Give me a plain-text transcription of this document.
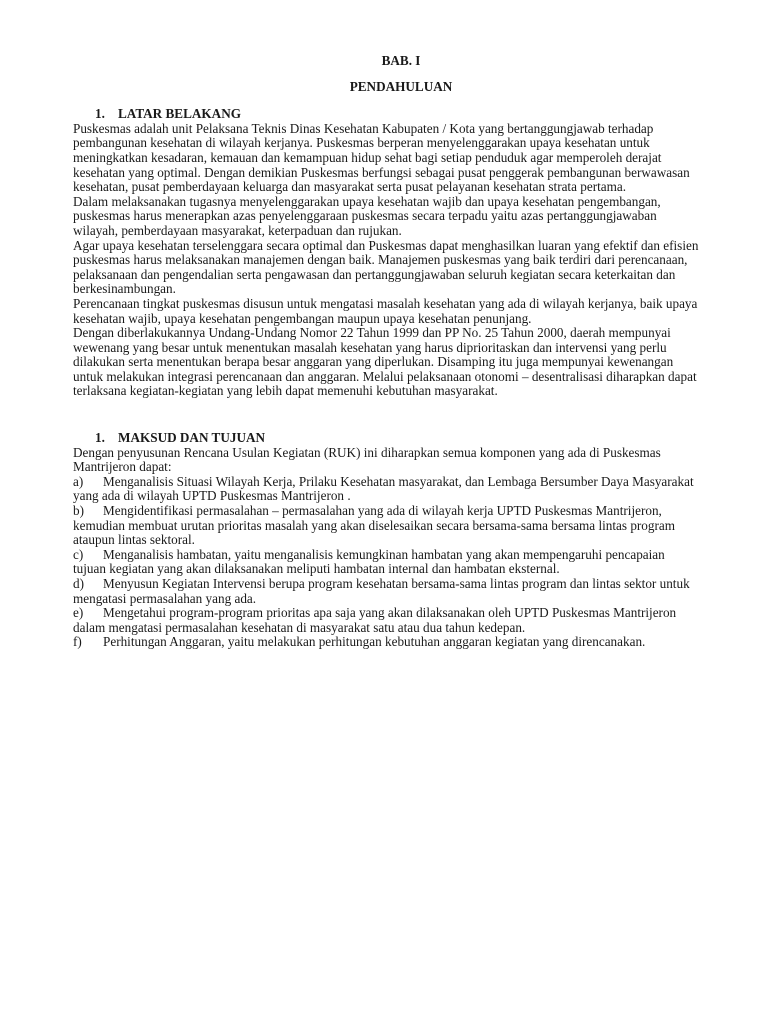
BAB. I

PENDAHULUAN

1. LATAR BELAKANG

Puskesmas adalah unit Pelaksana Teknis Dinas Kesehatan Kabupaten / Kota yang bertanggungjawab terhadap pembangunan kesehatan di wilayah kerjanya. Puskesmas berperan menyelenggarakan upaya kesehatan untuk meningkatkan kesadaran, kemauan dan kemampuan hidup sehat bagi setiap penduduk agar memperoleh derajat kesehatan yang optimal. Dengan demikian Puskesmas berfungsi sebagai pusat penggerak pembangunan berwawasan kesehatan, pusat pemberdayaan keluarga dan masyarakat serta pusat pelayanan kesehatan strata pertama.

Dalam melaksanakan tugasnya menyelenggarakan upaya kesehatan wajib dan upaya kesehatan pengembangan, puskesmas harus menerapkan azas penyelenggaraan puskesmas secara terpadu yaitu azas pertanggungjawaban wilayah, pemberdayaan masyarakat, keterpaduan dan rujukan.

Agar upaya kesehatan terselenggara secara optimal dan Puskesmas dapat menghasilkan luaran yang efektif dan efisien puskesmas harus melaksanakan manajemen dengan baik. Manajemen puskesmas yang baik terdiri dari perencanaan, pelaksanaan dan pengendalian serta pengawasan dan pertanggungjawaban seluruh kegiatan secara keterkaitan dan berkesinambungan.

Perencanaan tingkat puskesmas disusun untuk mengatasi masalah kesehatan yang ada di wilayah kerjanya, baik upaya kesehatan wajib, upaya kesehatan pengembangan maupun upaya kesehatan penunjang.

Dengan diberlakukannya Undang-Undang Nomor 22 Tahun 1999 dan PP No. 25 Tahun 2000, daerah mempunyai wewenang yang besar untuk menentukan masalah kesehatan yang harus diprioritaskan dan intervensi yang perlu dilakukan serta menentukan berapa besar anggaran yang diperlukan. Disamping itu juga mempunyai kewenangan untuk melakukan integrasi perencanaan dan anggaran. Melalui pelaksanaan otonomi – desentralisasi diharapkan dapat terlaksana kegiatan-kegiatan yang lebih dapat memenuhi kebutuhan masyarakat.

1. MAKSUD DAN TUJUAN

Dengan penyusunan Rencana Usulan Kegiatan (RUK) ini diharapkan semua komponen yang ada di Puskesmas Mantrijeron dapat:

a) Menganalisis Situasi Wilayah Kerja, Prilaku Kesehatan masyarakat, dan Lembaga Bersumber Daya Masyarakat yang ada di wilayah UPTD Puskesmas Mantrijeron .

b) Mengidentifikasi permasalahan – permasalahan yang ada di wilayah kerja UPTD Puskesmas Mantrijeron, kemudian membuat urutan prioritas masalah yang akan diselesaikan secara bersama-sama bersama lintas program ataupun lintas sektoral.

c) Menganalisis hambatan, yaitu menganalisis kemungkinan hambatan yang akan mempengaruhi pencapaian tujuan kegiatan yang akan dilaksanakan meliputi hambatan internal dan hambatan eksternal.

d) Menyusun Kegiatan Intervensi berupa program kesehatan bersama-sama lintas program dan lintas sektor untuk mengatasi permasalahan yang ada.

e) Mengetahui program-program prioritas apa saja yang akan dilaksanakan oleh UPTD Puskesmas Mantrijeron dalam mengatasi permasalahan kesehatan di masyarakat satu atau dua tahun kedepan.

f) Perhitungan Anggaran, yaitu melakukan perhitungan kebutuhan anggaran kegiatan yang direncanakan.
